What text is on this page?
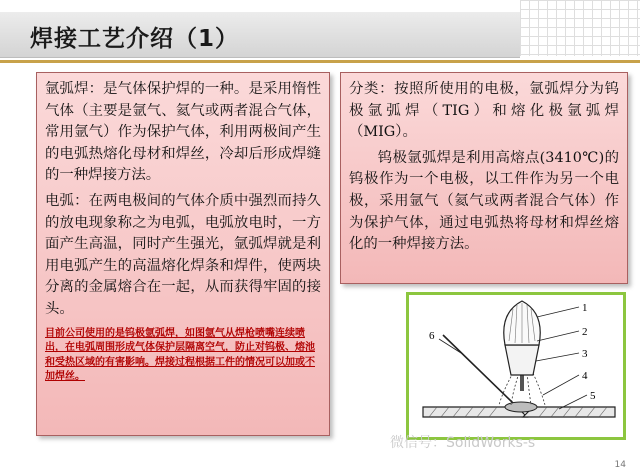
焊接工艺介绍（1）

氩弧焊：是气体保护焊的一种。是采用惰性气体（主要是氩气、氦气或两者混合气体，常用氩气）作为保护气体，利用两极间产生的电弧热熔化母材和焊丝，冷却后形成焊缝的一种焊接方法。

电弧：在两电极间的气体介质中强烈而持久的放电现象称之为电弧，电弧放电时，一方面产生高温，同时产生强光，氩弧焊就是利用电弧产生的高温熔化焊条和焊件，使两块分离的金属熔合在一起，从而获得牢固的接头。

目前公司使用的是钨极氩弧焊，如图氩气从焊枪喷嘴连续喷出，在电弧周围形成气体保护层隔离空气，防止对钨极、熔池和受热区域的有害影响。焊接过程根据工件的情况可以加或不加焊丝。

分类：按照所使用的电极，氩弧焊分为钨极氩弧焊（TIG）和熔化极氩弧焊（MIG）。

钨极氩弧焊是利用高熔点(3410℃)的钨极作为一个电极，以工件作为另一个电极，采用氩气（氦气或两者混合气体）作为保护气体，通过电弧热将母材和焊丝熔化的一种焊接方法。

1
2
3
4
5
6
微信号：SolidWorks-s
14
